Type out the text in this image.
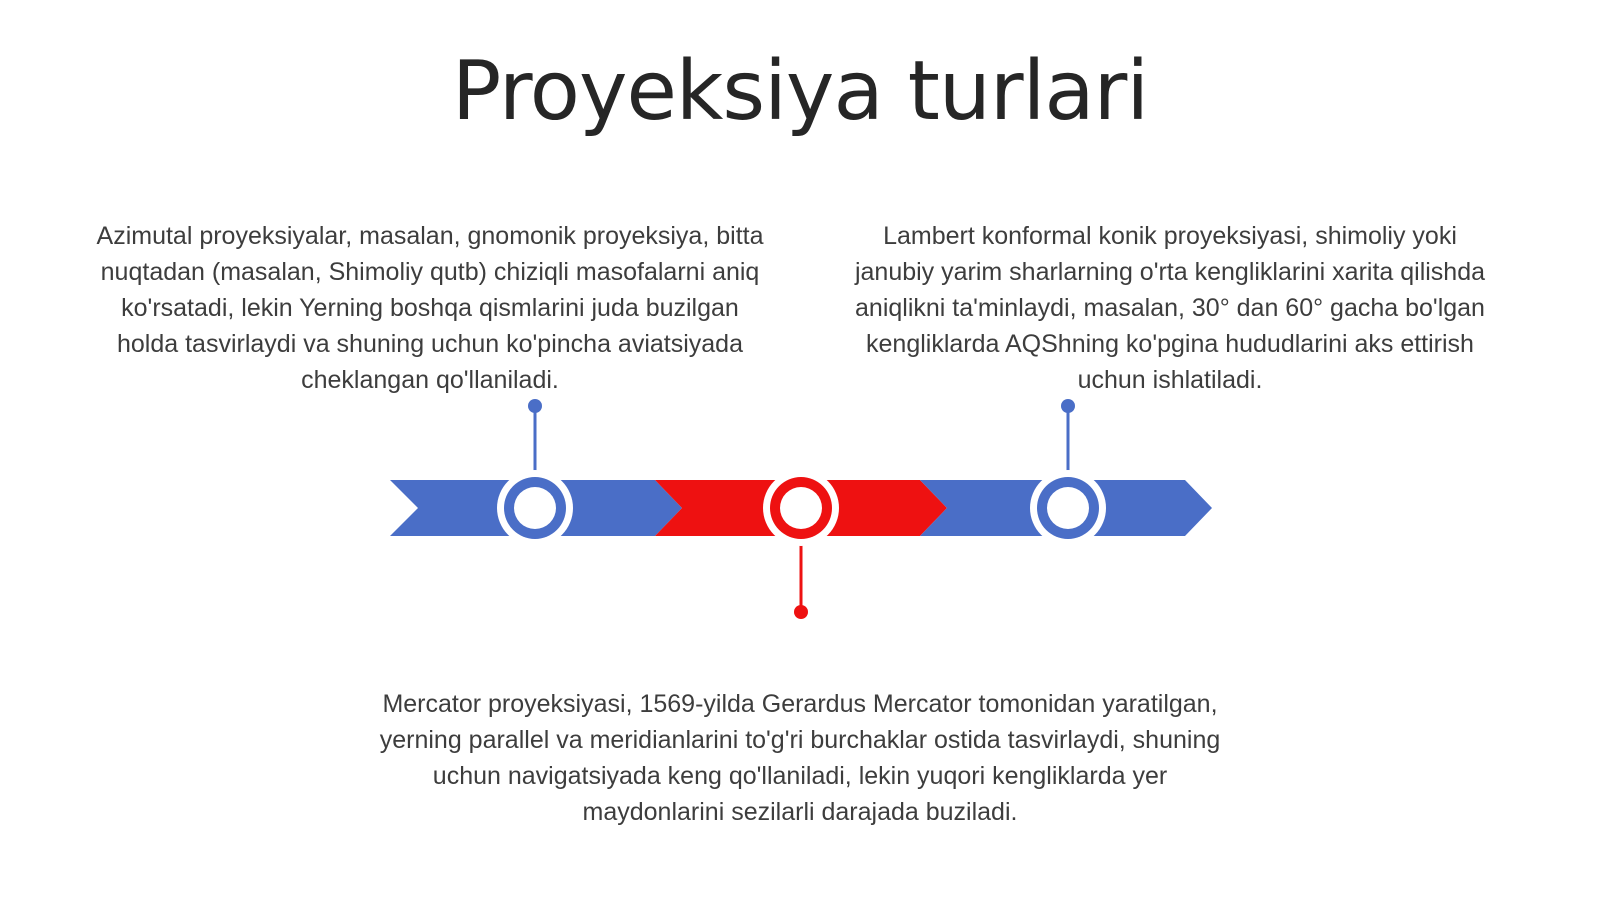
Proyeksiya turlari
Azimutal proyeksiyalar, masalan, gnomonik proyeksiya, bitta nuqtadan (masalan, Shimoliy qutb) chiziqli masofalarni aniq ko'rsatadi, lekin Yerning boshqa qismlarini juda buzilgan holda tasvirlaydi va shuning uchun ko'pincha aviatsiyada cheklangan qo'llaniladi.
Lambert konformal konik proyeksiyasi, shimoliy yoki janubiy yarim sharlarning o'rta kengliklarini xarita qilishda aniqlikni ta'minlaydi, masalan, 30° dan 60° gacha bo'lgan kengliklarda AQShning ko'pgina hududlarini aks ettirish uchun ishlatiladi.
Mercator proyeksiyasi, 1569-yilda Gerardus Mercator tomonidan yaratilgan, yerning parallel va meridianlarini to'g'ri burchaklar ostida tasvirlaydi, shuning uchun navigatsiyada keng qo'llaniladi, lekin yuqori kengliklarda yer maydonlarini sezilarli darajada buziladi.
